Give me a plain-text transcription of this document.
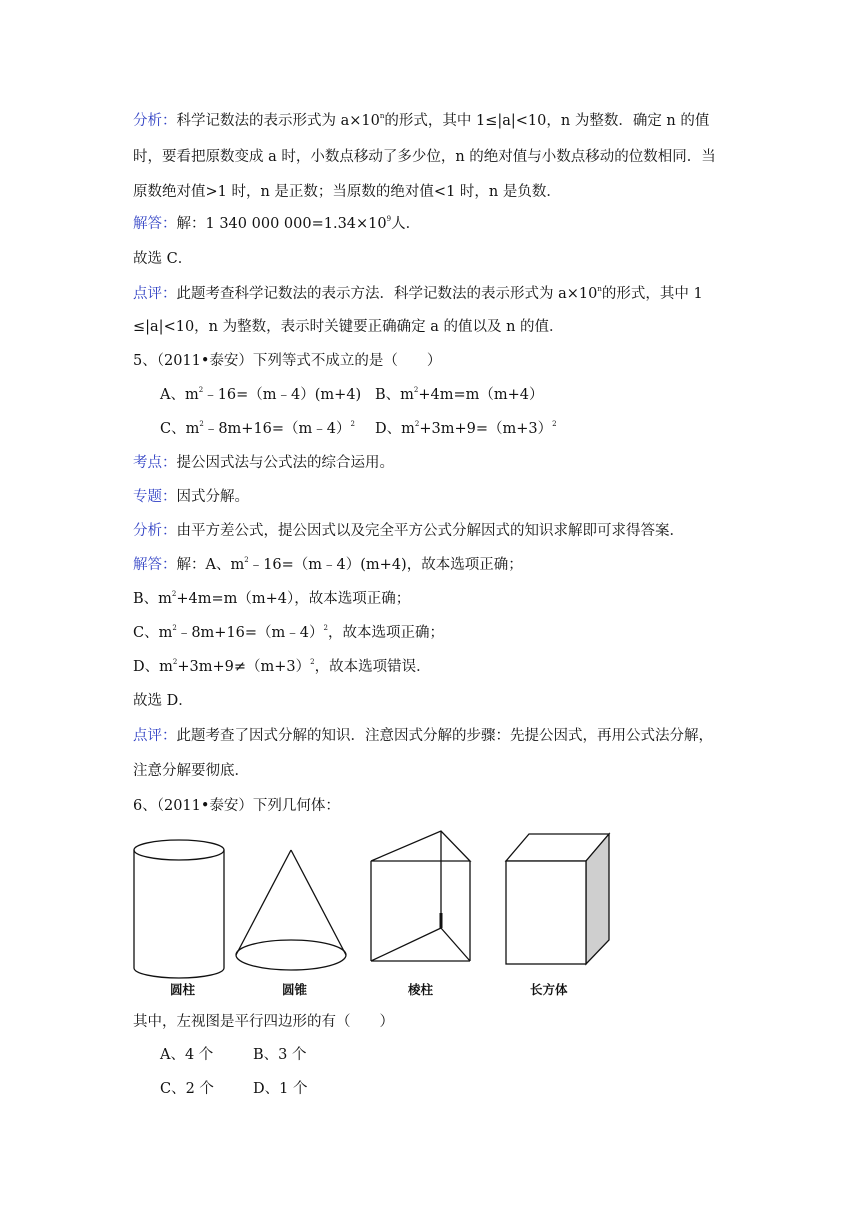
分析：科学记数法的表示形式为 $a\times 10^n$的形式，其中 1≤|a|<10，n 为整数．确定 n 的值
时，要看把原数变成 a 时，小数点移动了多少位，n 的绝对值与小数点移动的位数相同．当
原数绝对值>1 时，n 是正数；当原数的绝对值<1 时，n 是负数．
解答：解：1 340 000 $000=1.34\times 10^9$人．
故选 C．
点评：此题考查科学记数法的表示方法．科学记数法的表示形式为 $a\times 10^n$的形式，其中 1
≤|a|<10，n 为整数，表示时关键要正确确定 a 的值以及 n 的值．
5、（2011•泰安）下列等式不成立的是（　　）
A、$m^2﹣16=(m﹣4)(m+4)$ B、$m^2+4m=m(m+4)$
C、$m^2﹣8m+16=(m﹣4)^2$ D、$m^2+3m+9=(m+3)^2$
考点：提公因式法与公式法的综合运用。
专题：因式分解。
分析：由平方差公式，提公因式以及完全平方公式分解因式的知识求解即可求得答案．
解答：解：A、$m^2﹣16=(m﹣4)(m+4)$，故本选项正确；
B、$m^2+4m=m(m+4)$，故本选项正确；
C、$m^2﹣8m+16=(m﹣4)^2$，故本选项正确；
D、$m^2+3m+9\ne(m+3)^2$，故本选项错误．
故选 D．
点评：此题考查了因式分解的知识．注意因式分解的步骤：先提公因式，再用公式法分解，
注意分解要彻底．
6、（2011•泰安）下列几何体：
圆柱	圆锥	棱柱	长方体
其中，左视图是平行四边形的有（　　）
A、4 个	B、3 个
C、2 个	D、1 个
